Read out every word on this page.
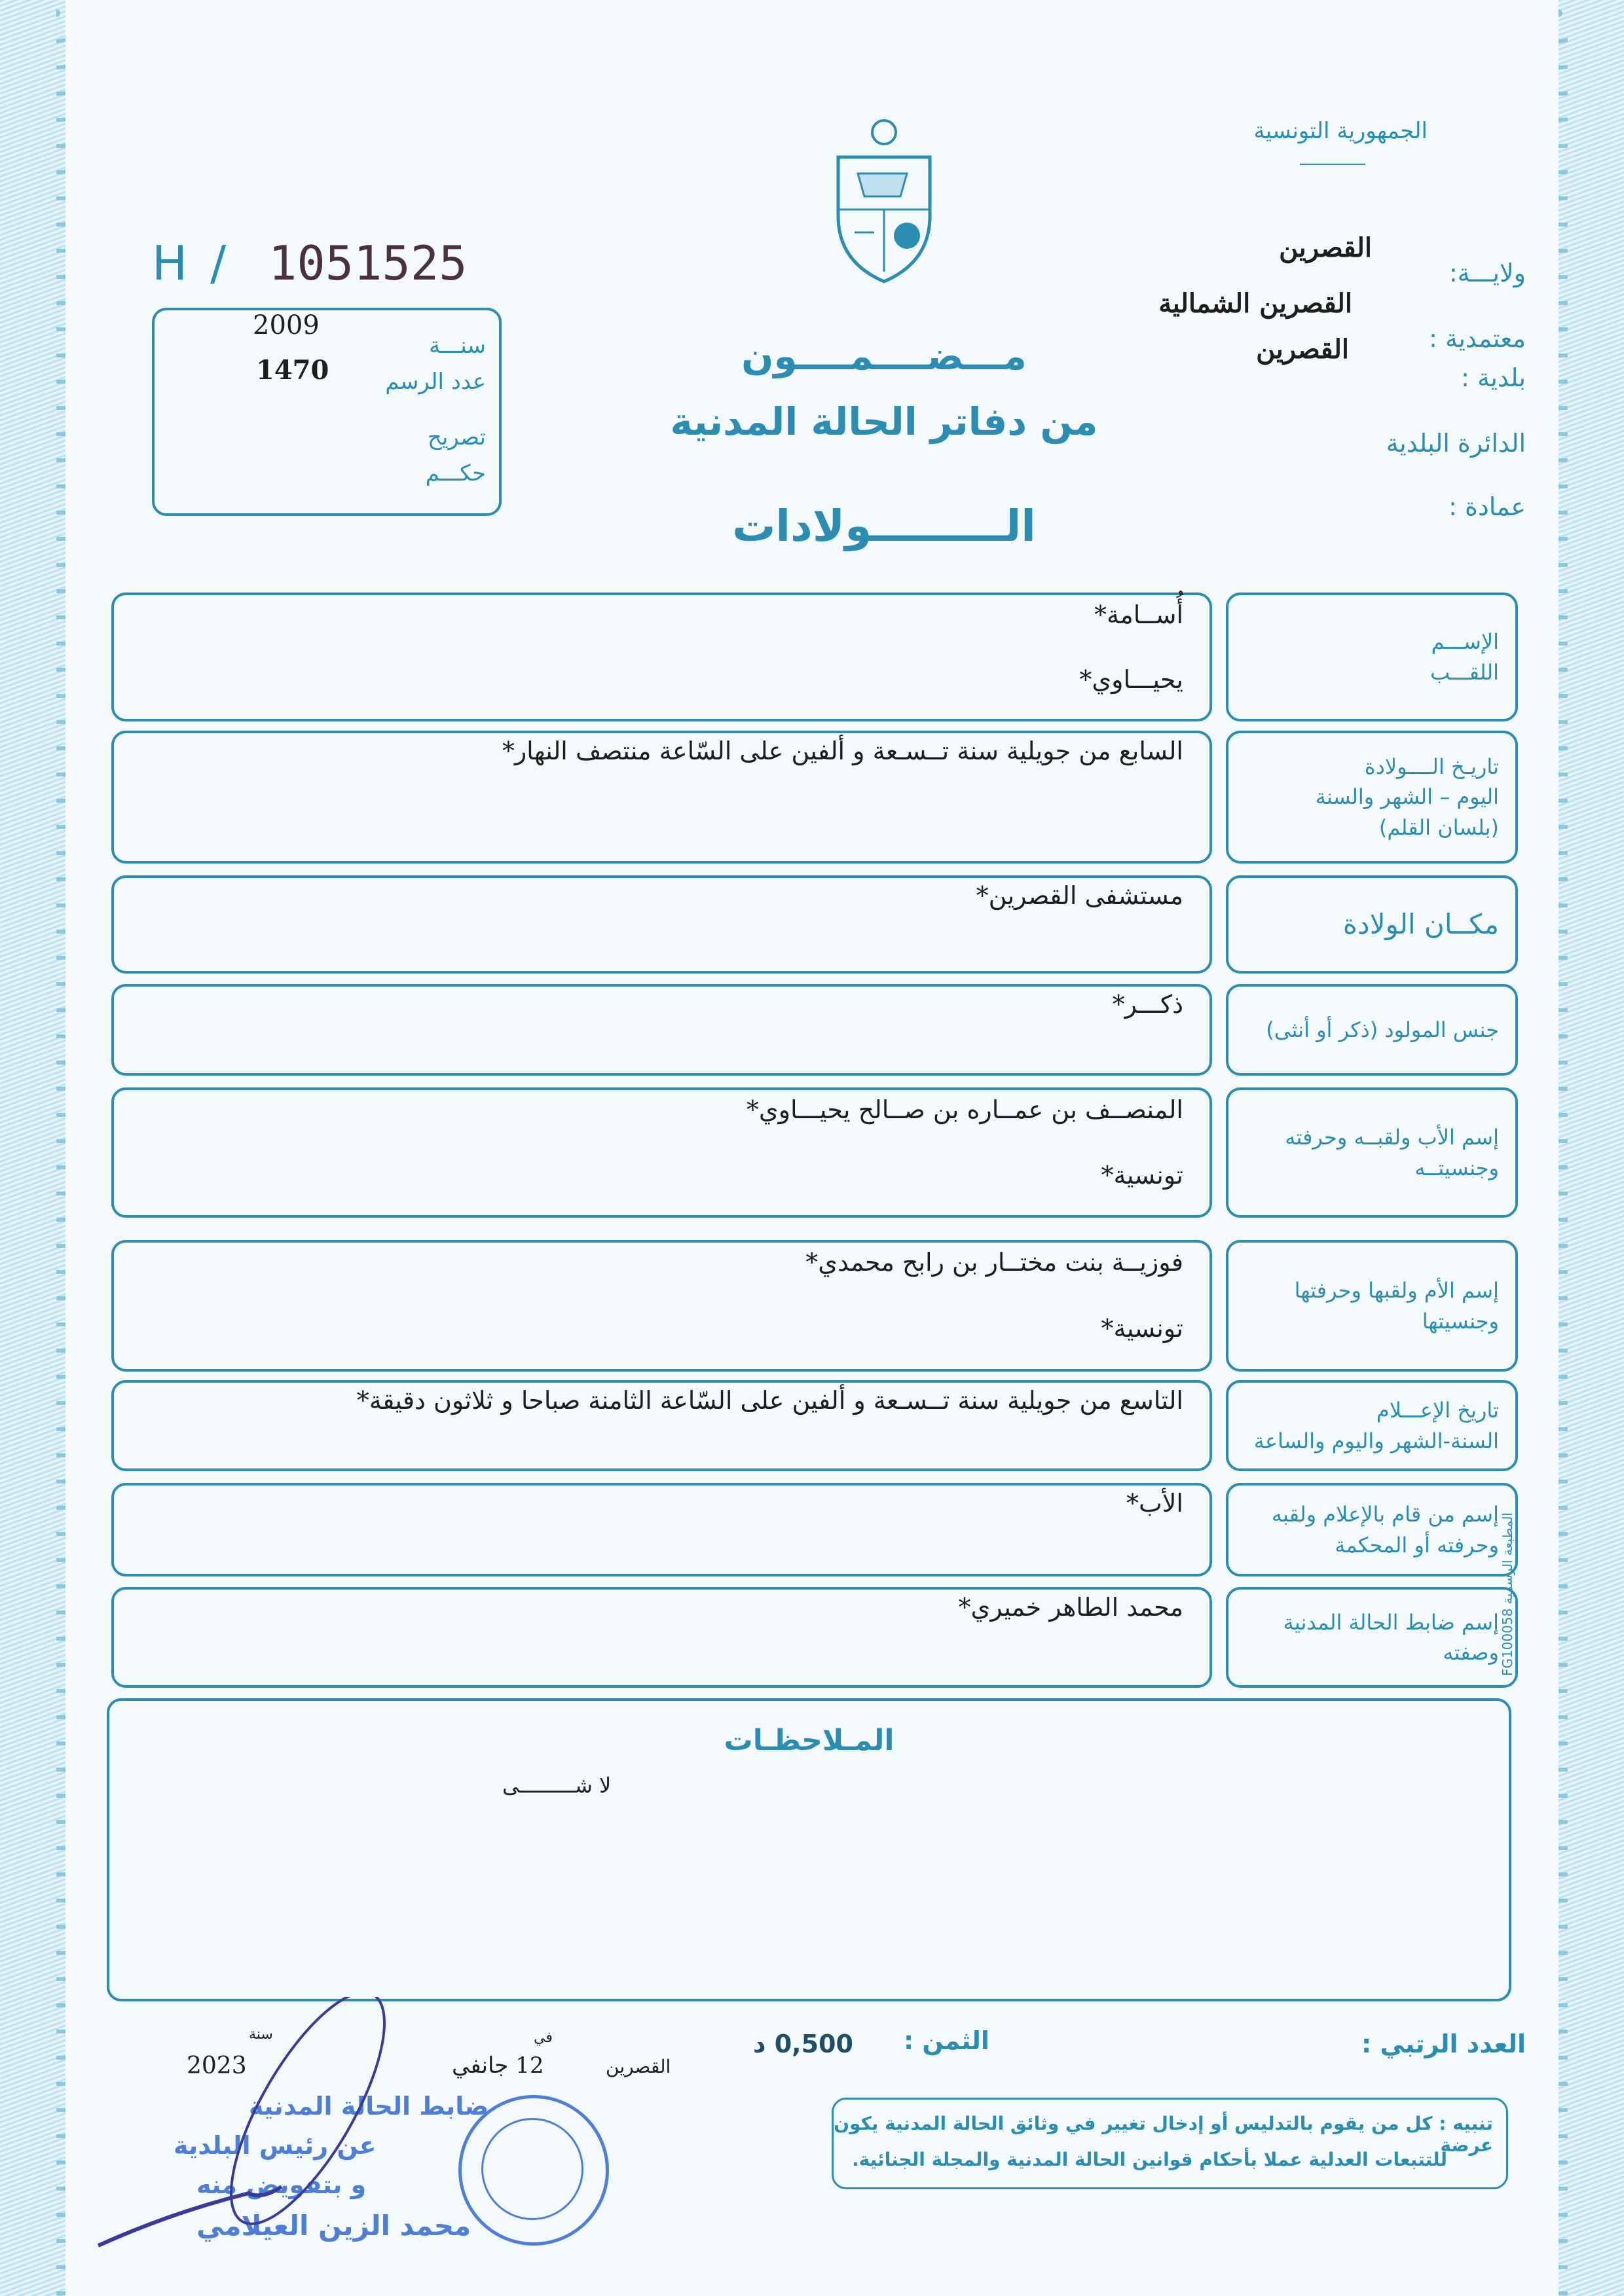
الجمهورية التونسية
H / 1051525
2009
1470
سنـــة
عدد الرسم
تصريح
حكـــم
ولايـــة:
القصرين
معتمدية :
القصرين الشمالية
بلدية :
القصرين
الدائرة البلدية
عمادة :
مـــضــــمــــون
من دفاتر الحالة المدنية
الـــــــــولادات
أُســامة*
يحيـــاوي*
الإســـم
اللقـــب
السابع من جويلية سنة تــسـعة و ألفين على السّاعة منتصف النهار*
تاريـخ الــــولادة
اليوم – الشهر والسنة
(بلسان القلم)
مستشفى القصرين*
مكــان الولادة
ذكـــر*
جنس المولود (ذكر أو أنثى)
المنصــف بن عمــاره بن صــالح يحيـــاوي*
تونسية*
إسم الأب ولقبــه وحرفته
وجنسيتــه
فوزيــة بنت مختــار بن رابح محمدي*
تونسية*
إسم الأم ولقبها وحرفتها
وجنسيتها
التاسع من جويلية سنة تــسـعة و ألفين على السّاعة الثامنة صباحا و ثلاثون دقيقة*	تاريخ الإعـــلام
السنة-الشهر واليوم والساعة
الأب*	إسم من قام بالإعلام ولقبه
وحرفته أو المحكمة
محمد الطاهر خميري*
إسم ضابط الحالة المدنية
وصفته
المـلاحظـات
لا شـــــــــى
المطبعة الرسمية FG100058
العدد الرتبي :
الثمن :
0,500 د
تنبيه : كل من يقوم بالتدليس أو إدخال تغيير في وثائق الحالة المدنية يكون عرضة
للتتبعات العدلية عملا بأحكام قوانين الحالة المدنية والمجلة الجنائية.
القصرين
في
12 جانفي
سنة
2023
ضابط الحالة المدنية
عن رئيس البلدية
و بتفويض منه
محمد الزين العيلامي
